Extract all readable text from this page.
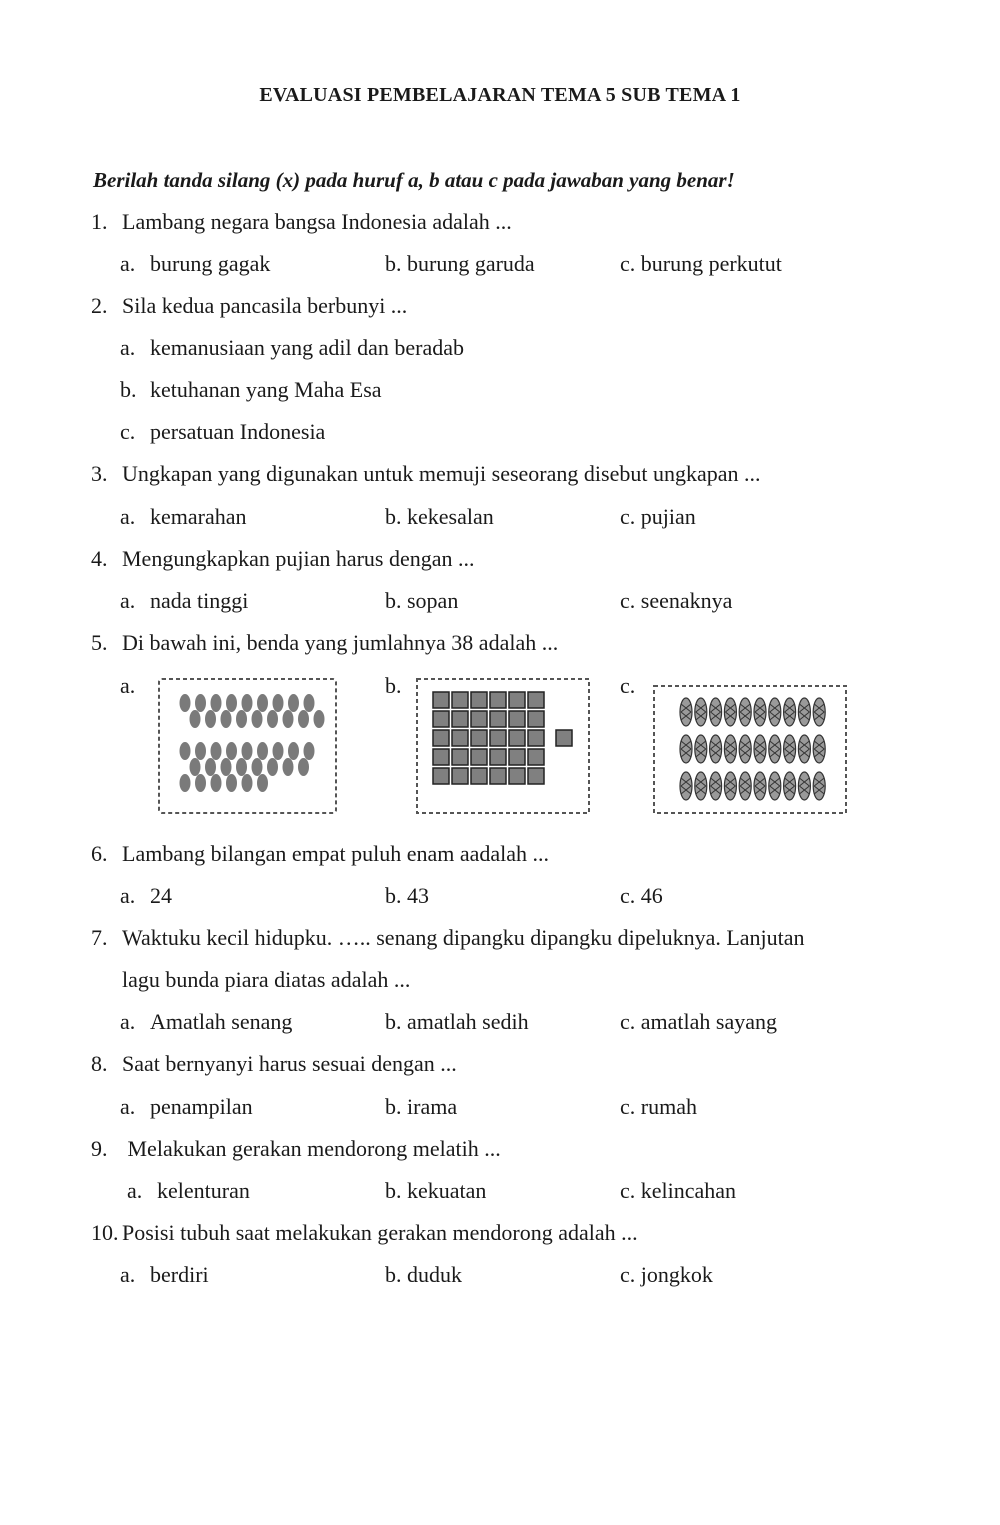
EVALUASI PEMBELAJARAN TEMA 5 SUB TEMA 1
Berilah tanda silang (x) pada huruf a, b atau c pada jawaban yang benar!
1. Lambang negara bangsa Indonesia adalah ...
a. burung gagak	b. burung garuda	c. burung perkutut
2. Sila kedua pancasila berbunyi ...
a. kemanusiaan yang adil dan beradab
b. ketuhanan yang Maha Esa
c. persatuan Indonesia
3. Ungkapan yang digunakan untuk memuji seseorang disebut ungkapan ...
a. kemarahan	b. kekesalan	c. pujian
4. Mengungkapkan pujian harus dengan ...
a. nada tinggi	b. sopan	c. seenaknya
5. Di bawah ini, benda yang jumlahnya 38 adalah ...
a.	b.	c.
6. Lambang bilangan empat puluh enam aadalah ...
a. 24	b. 43	c. 46
7. Waktuku kecil hidupku. ….. senang dipangku dipangku dipeluknya. Lanjutan
lagu bunda piara diatas adalah ...
a. Amatlah senang	b. amatlah sedih	c. amatlah sayang
8. Saat bernyanyi harus sesuai dengan ...
a. penampilan	b. irama	c. rumah
9. Melakukan gerakan mendorong melatih ...
a. kelenturan	b. kekuatan	c. kelincahan
10. Posisi tubuh saat melakukan gerakan mendorong adalah ...
a. berdiri	b. duduk	c. jongkok
